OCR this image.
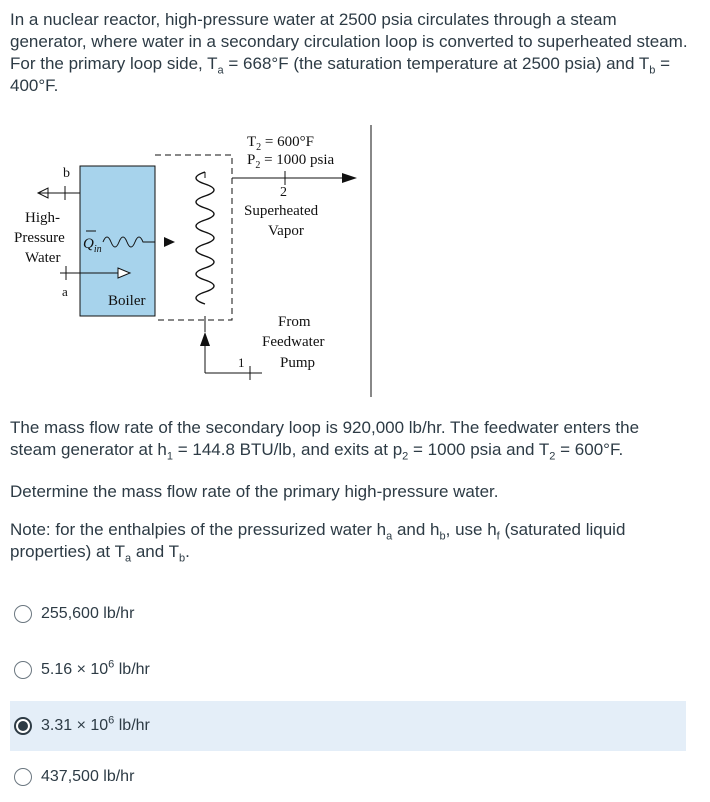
In a nuclear reactor, high-pressure water at 2500 psia circulates through a steam generator, where water in a secondary circulation loop is converted to superheated steam. For the primary loop side, $T_a = 668^\circ F$ (the saturation temperature at 2500 psia) and $T_b = 400^\circ F$.

b
a
High-
Pressure
Water
$Q_{in}$
Boiler
2
$T_2 = 600^\circ F$
$P_2 = 1000$ psia
Superheated
Vapor
1
From
Feedwater
Pump

The mass flow rate of the secondary loop is 920,000 lb/hr. The feedwater enters the steam generator at $h_1 = 144.8$ BTU/lb, and exits at $p_2 = 1000$ psia and $T_2 = 600^\circ F$.

Determine the mass flow rate of the primary high-pressure water.

Note: for the enthalpies of the pressurized water $h_a$ and $h_b$, use $h_f$ (saturated liquid properties) at $T_a$ and $T_b$.

255,600 lb/hr
$5.16 \times 10^6$ lb/hr
$3.31 \times 10^6$ lb/hr
437,500 lb/hr
